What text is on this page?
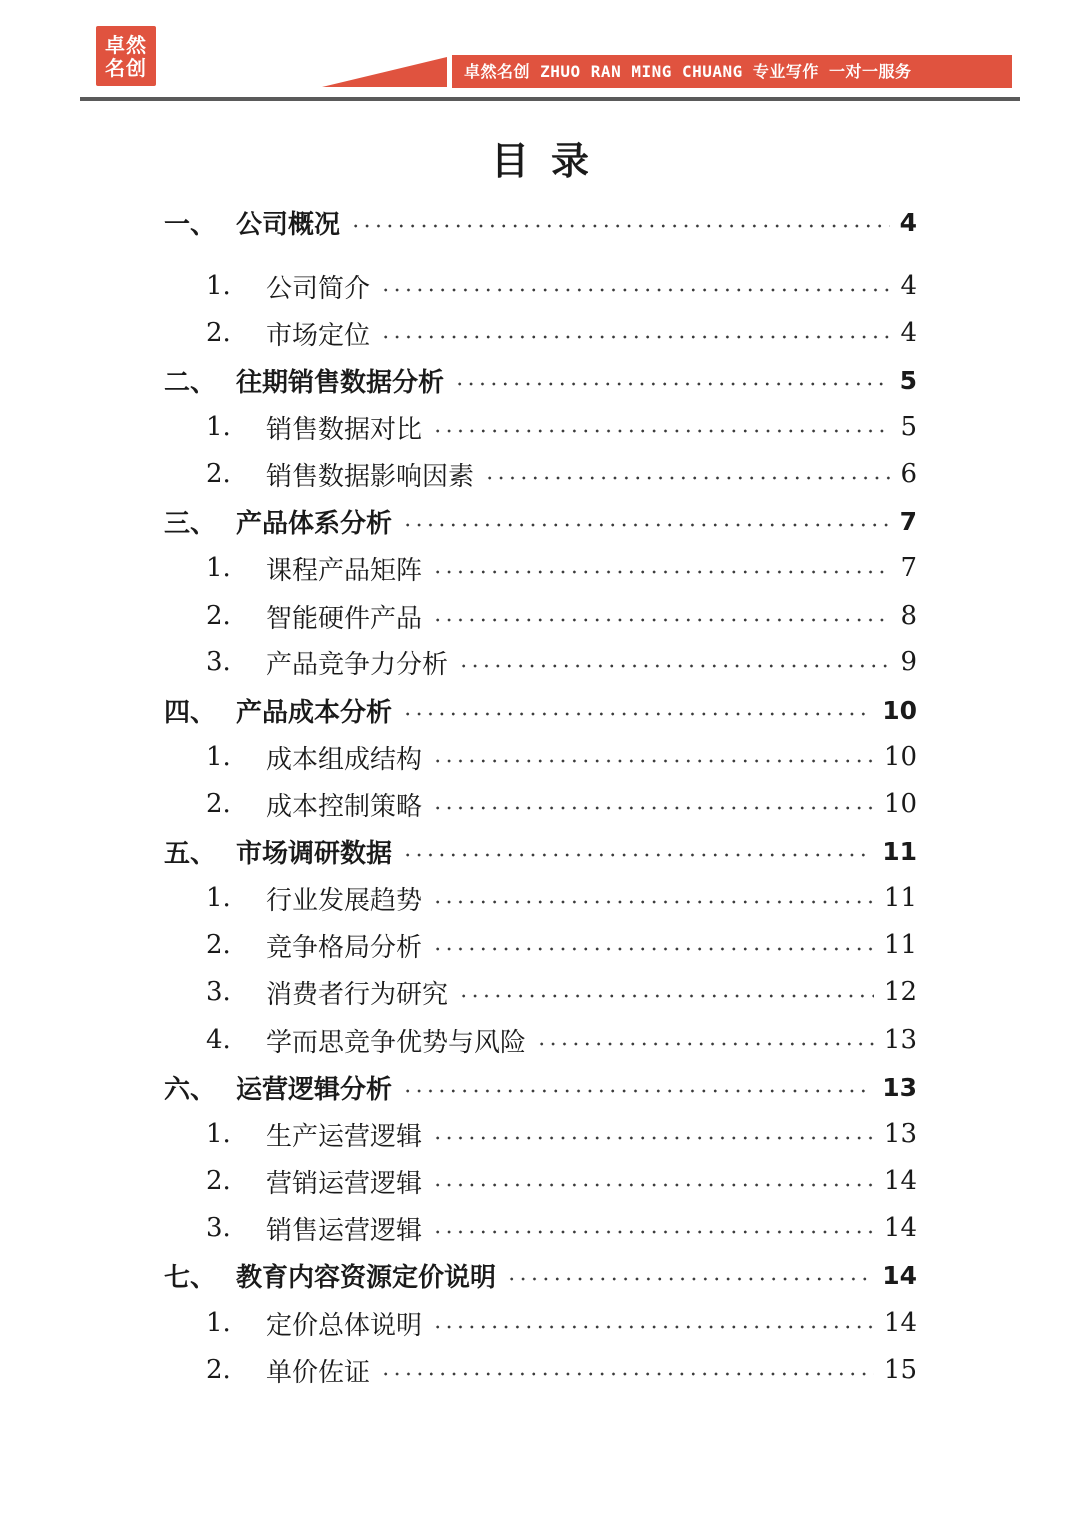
卓然
名创	卓然名创 ZHUO RAN MING CHUANG 专业写作 一对一服务
目录
一、 公司概况	4
1. 公司简介	4
2. 市场定位	4
二、 往期销售数据分析	5
1. 销售数据对比	5
2. 销售数据影响因素	6
三、 产品体系分析	7
1. 课程产品矩阵	7
2. 智能硬件产品	8
3. 产品竞争力分析	9
四、 产品成本分析	10
1. 成本组成结构	10
2. 成本控制策略	10
五、 市场调研数据	11
1. 行业发展趋势	11
2. 竞争格局分析	11
3. 消费者行为研究	12
4. 学而思竞争优势与风险	13
六、 运营逻辑分析	13
1. 生产运营逻辑	13
2. 营销运营逻辑	14
3. 销售运营逻辑	14
七、 教育内容资源定价说明	14
1. 定价总体说明	14
2. 单价佐证	15
